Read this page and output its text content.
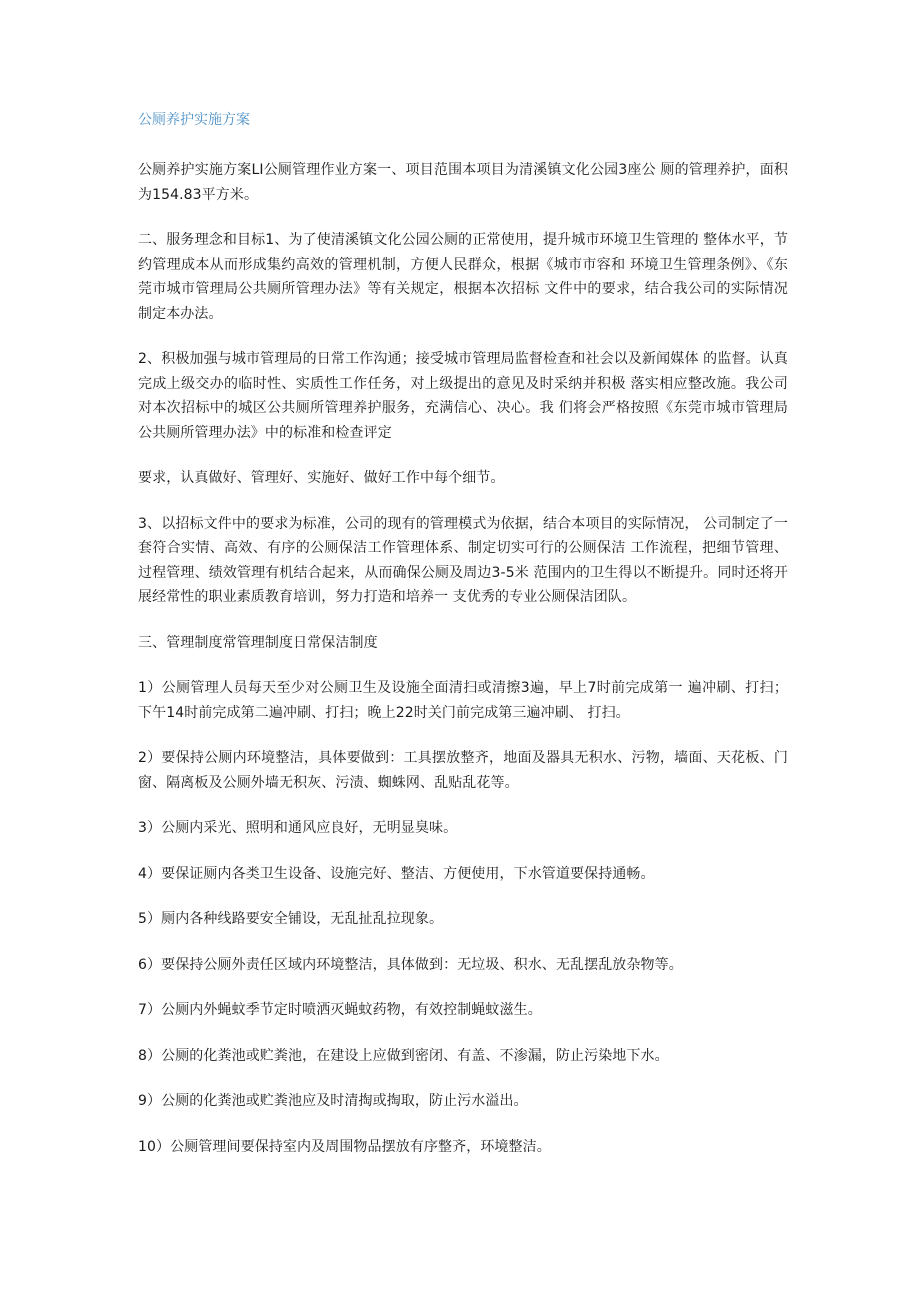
公厕养护实施方案

公厕养护实施方案LI公厕管理作业方案一、项目范围本项目为清溪镇文化公园3座公 厕的管理养护，面积为154.83平方米。

二、服务理念和目标1、为了使清溪镇文化公园公厕的正常使用，提升城市环境卫生管理的 整体水平，节约管理成本从而形成集约高效的管理机制，方便人民群众，根据《城市市容和 环境卫生管理条例》、《东莞市城市管理局公共厕所管理办法》等有关规定，根据本次招标 文件中的要求，结合我公司的实际情况制定本办法。

2、积极加强与城市管理局的日常工作沟通；接受城市管理局监督检查和社会以及新闻媒体 的监督。认真完成上级交办的临时性、实质性工作任务，对上级提出的意见及时采纳并积极 落实相应整改施。我公司对本次招标中的城区公共厕所管理养护服务，充满信心、决心。我 们将会严格按照《东莞市城市管理局公共厕所管理办法》中的标准和检查评定

要求，认真做好、管理好、实施好、做好工作中每个细节。

3、以招标文件中的要求为标准，公司的现有的管理模式为依据，结合本项目的实际情况， 公司制定了一套符合实情、高效、有序的公厕保洁工作管理体系、制定切实可行的公厕保洁 工作流程，把细节管理、过程管理、绩效管理有机结合起来，从而确保公厕及周边3-5米 范围内的卫生得以不断提升。同时还将开展经常性的职业素质教育培训，努力打造和培养一 支优秀的专业公厕保洁团队。

三、管理制度常管理制度日常保洁制度

1）公厕管理人员每天至少对公厕卫生及设施全面清扫或清擦3遍，早上7时前完成第一 遍冲刷、打扫；下午14时前完成第二遍冲刷、打扫；晚上22时关门前完成第三遍冲刷、 打扫。

2）要保持公厕内环境整洁，具体要做到：工具摆放整齐，地面及器具无积水、污物，墙面、天花板、门窗、隔离板及公厕外墙无积灰、污渍、蜘蛛网、乱贴乱花等。

3）公厕内采光、照明和通风应良好，无明显臭味。

4）要保证厕内各类卫生设备、设施完好、整洁、方便使用，下水管道要保持通畅。

5）厕内各种线路要安全铺设，无乱扯乱拉现象。

6）要保持公厕外责任区域内环境整洁，具体做到：无垃圾、积水、无乱摆乱放杂物等。

7）公厕内外蝇蚊季节定时喷洒灭蝇蚊药物，有效控制蝇蚊滋生。

8）公厕的化粪池或贮粪池，在建设上应做到密闭、有盖、不渗漏，防止污染地下水。

9）公厕的化粪池或贮粪池应及时清掏或掏取，防止污水溢出。

10）公厕管理间要保持室内及周围物品摆放有序整齐，环境整洁。
